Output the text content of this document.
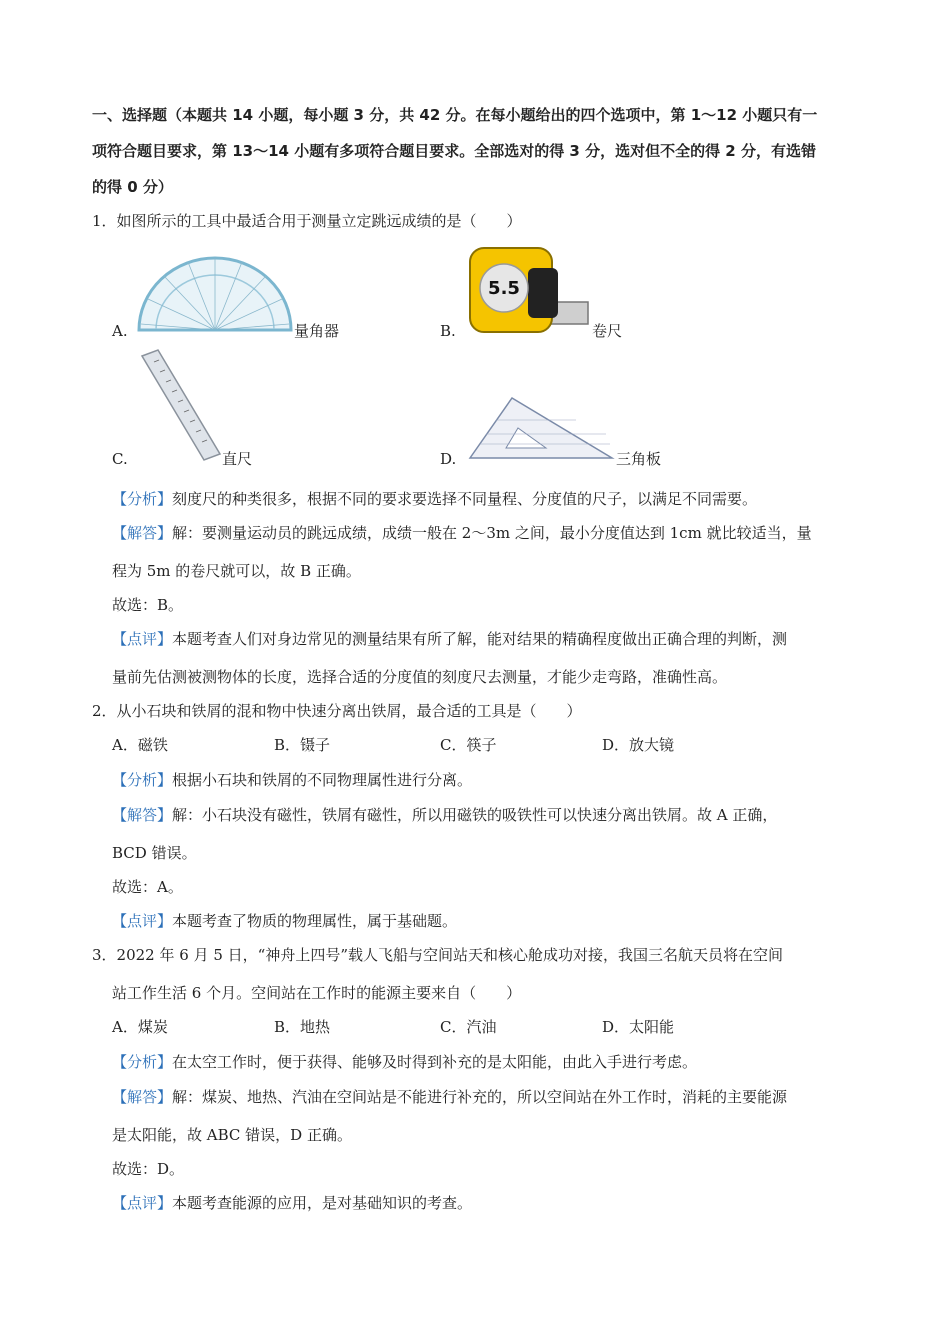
一、选择题（本题共 14 小题，每小题 3 分，共 42 分。在每小题给出的四个选项中，第 1～12 小题只有一
项符合题目要求，第 13～14 小题有多项符合题目要求。全部选对的得 3 分，选对但不全的得 2 分，有选错
的得 0 分）
1．如图所示的工具中最适合用于测量立定跳远成绩的是（　　）
A.	量角器	B.
5.5
卷尺
C.	直尺	D.	三角板
【分析】刻度尺的种类很多，根据不同的要求要选择不同量程、分度值的尺子，以满足不同需要。
【解答】解：要测量运动员的跳远成绩，成绩一般在 2～3m 之间，最小分度值达到 1cm 就比较适当，量
程为 5m 的卷尺就可以，故 B 正确。
故选：B。
【点评】本题考查人们对身边常见的测量结果有所了解，能对结果的精确程度做出正确合理的判断，测
量前先估测被测物体的长度，选择合适的分度值的刻度尺去测量，才能少走弯路，准确性高。
2．从小石块和铁屑的混和物中快速分离出铁屑，最合适的工具是（　　）
A．磁铁	B．镊子	C．筷子	D．放大镜
【分析】根据小石块和铁屑的不同物理属性进行分离。
【解答】解：小石块没有磁性，铁屑有磁性，所以用磁铁的吸铁性可以快速分离出铁屑。故 A 正确，
BCD 错误。
故选：A。
【点评】本题考查了物质的物理属性，属于基础题。
3．2022 年 6 月 5 日，“神舟上四号”载人飞船与空间站天和核心舱成功对接，我国三名航天员将在空间
站工作生活 6 个月。空间站在工作时的能源主要来自（　　）
A．煤炭	B．地热	C．汽油	D．太阳能
【分析】在太空工作时，便于获得、能够及时得到补充的是太阳能，由此入手进行考虑。
【解答】解：煤炭、地热、汽油在空间站是不能进行补充的，所以空间站在外工作时，消耗的主要能源
是太阳能，故 ABC 错误，D 正确。
故选：D。
【点评】本题考查能源的应用，是对基础知识的考查。
